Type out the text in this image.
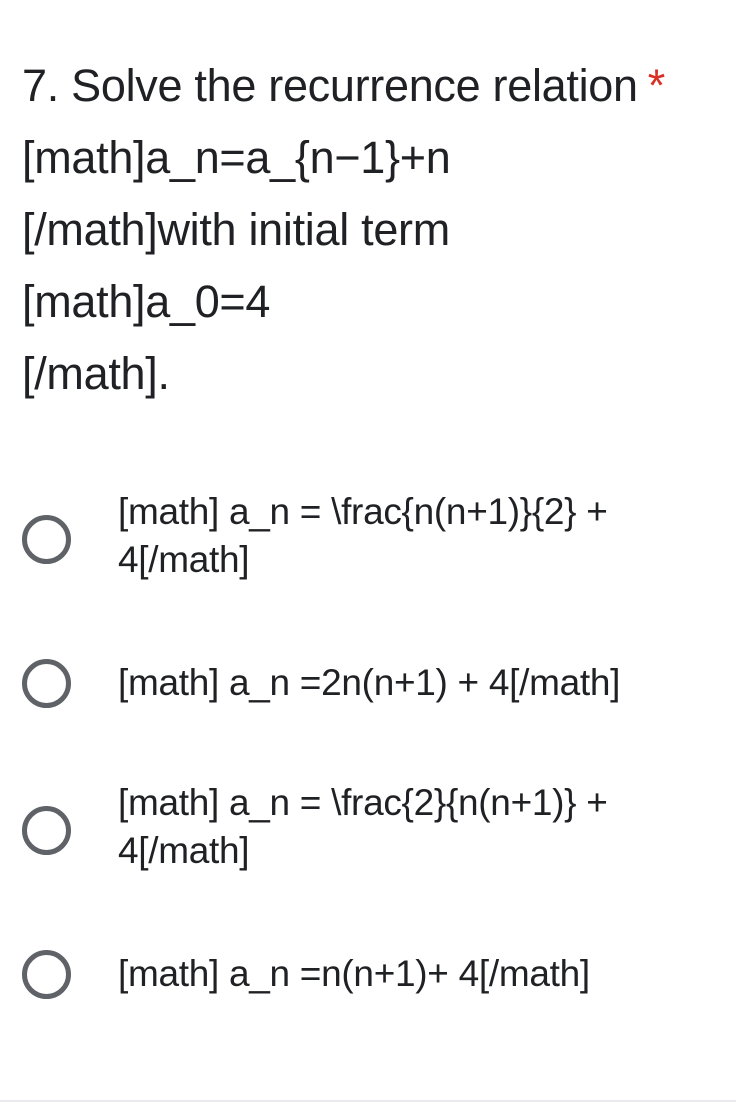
7. Solve the recurrence relation *
[math]a_n=a_{n−1}+n
[/math]with initial term
[math]a_0=4
[/math].
[math] a_n = \frac{n(n+1)}{2} + 4[/math]
[math] a_n =2n(n+1) + 4[/math]
[math] a_n = \frac{2}{n(n+1)} + 4[/math]
[math] a_n =n(n+1)+ 4[/math]
